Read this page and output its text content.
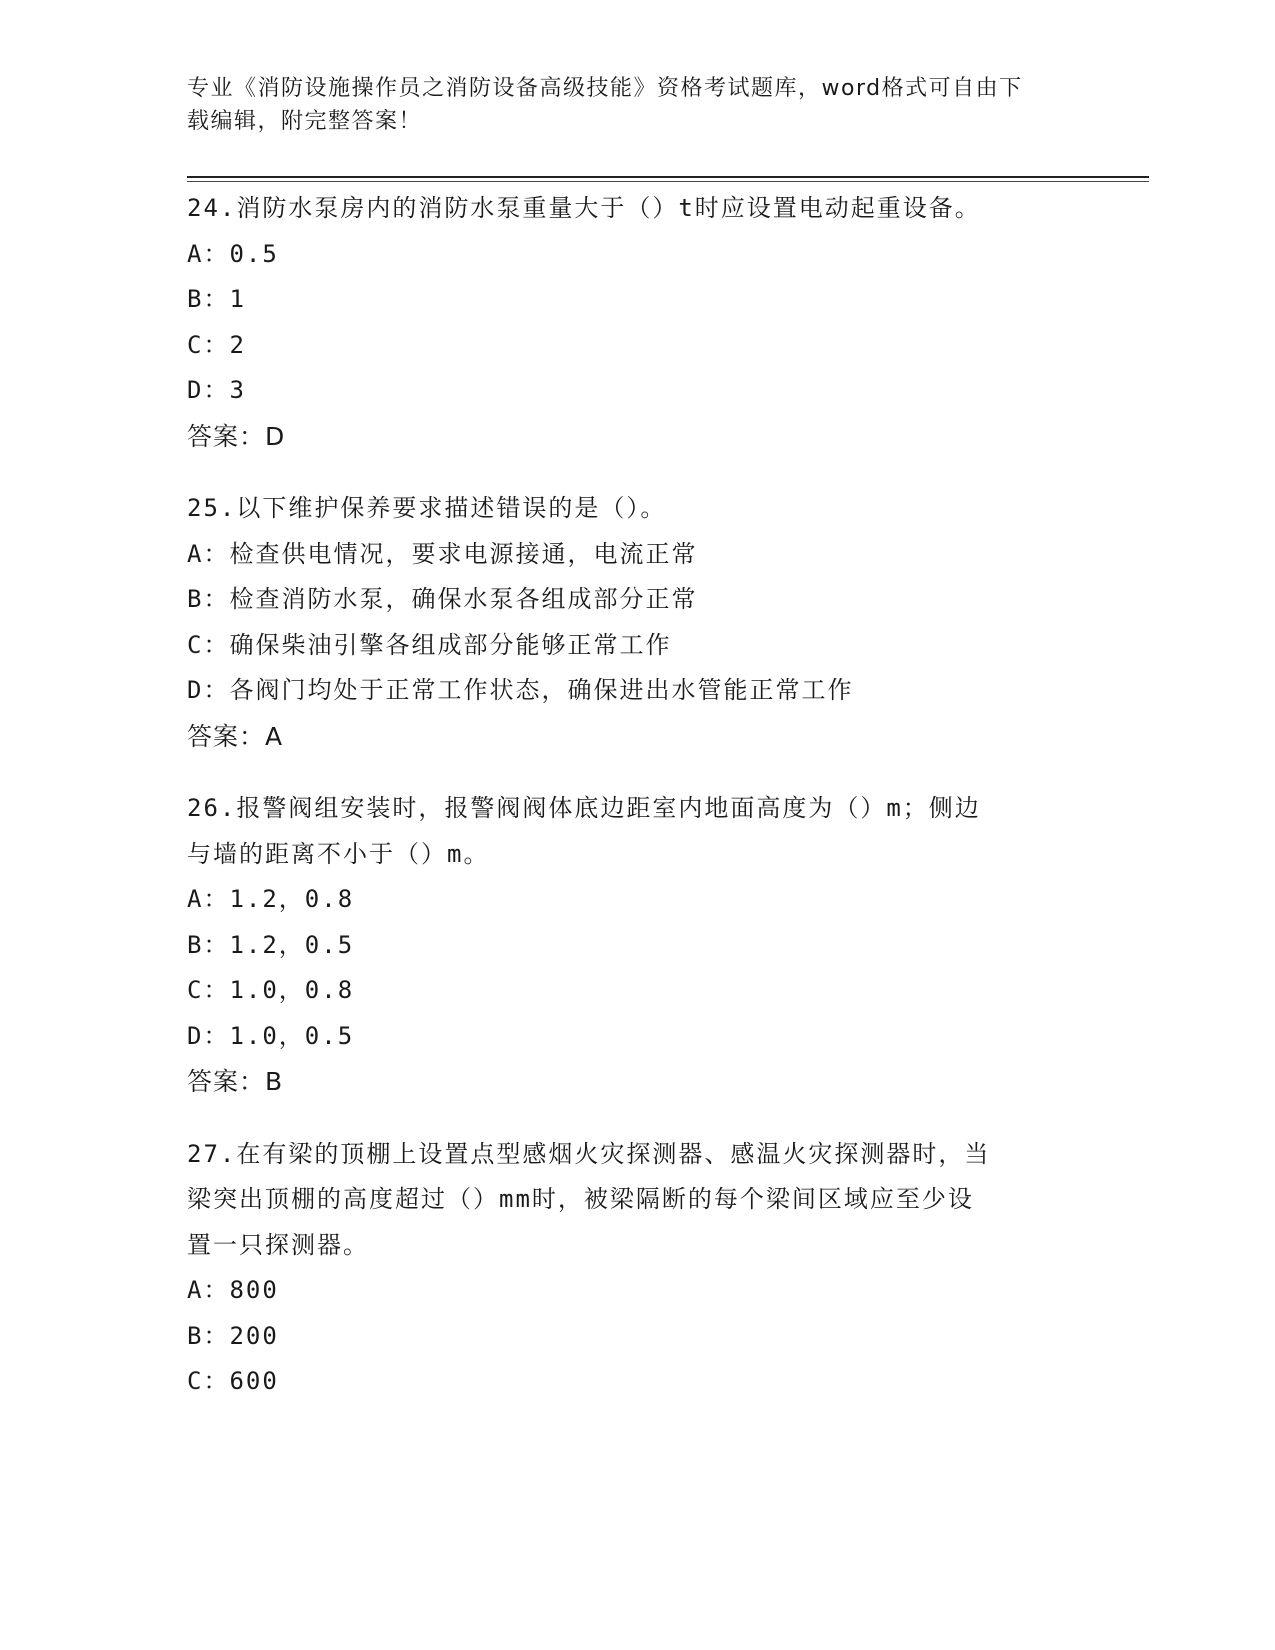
专业《消防设施操作员之消防设备高级技能》资格考试题库，word格式可自由下
载编辑，附完整答案！
24.消防水泵房内的消防水泵重量大于（）t时应设置电动起重设备。
A：0.5
B：1
C：2
D：3
答案：D
25.以下维护保养要求描述错误的是（）。
A：检查供电情况，要求电源接通，电流正常
B：检查消防水泵，确保水泵各组成部分正常
C：确保柴油引擎各组成部分能够正常工作
D：各阀门均处于正常工作状态，确保进出水管能正常工作
答案：A
26.报警阀组安装时，报警阀阀体底边距室内地面高度为（）m；侧边
与墙的距离不小于（）m。
A：1.2，0.8
B：1.2，0.5
C：1.0，0.8
D：1.0，0.5
答案：B
27.在有梁的顶棚上设置点型感烟火灾探测器、感温火灾探测器时，当
梁突出顶棚的高度超过（）mm时，被梁隔断的每个梁间区域应至少设
置一只探测器。
A：800
B：200
C：600
